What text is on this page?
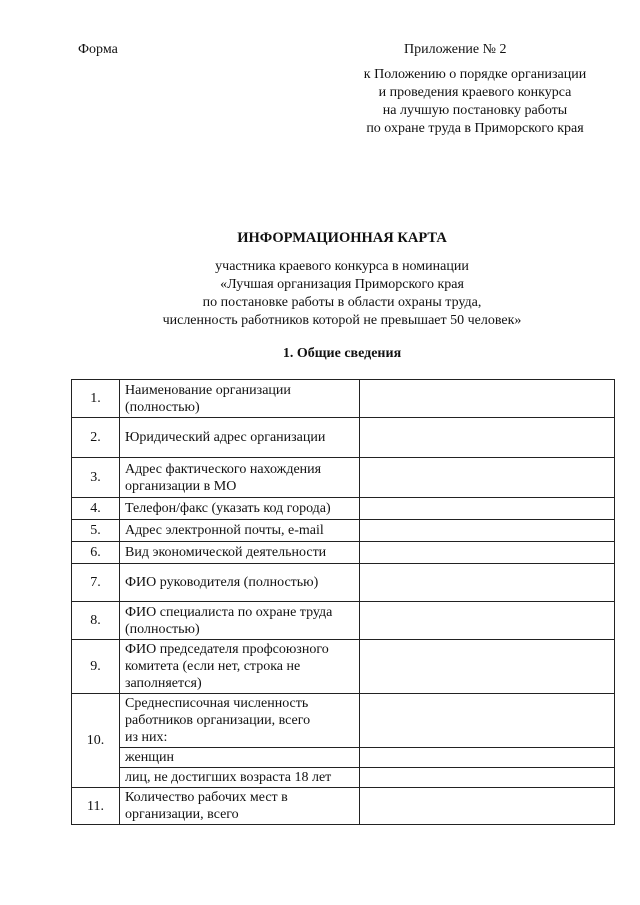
Форма	Приложение № 2
к Положению о порядке организации
и проведения краевого конкурса
на лучшую постановку работы
по охране труда в Приморского края
ИНФОРМАЦИОННАЯ КАРТА
участника краевого конкурса в номинации
«Лучшая организация Приморского края
по постановке работы в области охраны труда,
численность работников которой не превышает 50 человек»
1. Общие сведения
1.	Наименование организации (полностью)	
2.	Юридический адрес организации	
3.	Адрес фактического нахождения организации в МО	
4.	Телефон/факс (указать код города)	
5.	Адрес электронной почты, e-mail	
6.	Вид экономической деятельности	
7.	ФИО руководителя (полностью)	
8.	ФИО специалиста по охране труда (полностью)	
9.	ФИО председателя профсоюзного комитета (если нет, строка не заполняется)	
10.	Среднесписочная численность работников организации, всего
из них:	
	женщин	
	лиц, не достигших возраста 18 лет	
11.	Количество рабочих мест в организации, всего	
